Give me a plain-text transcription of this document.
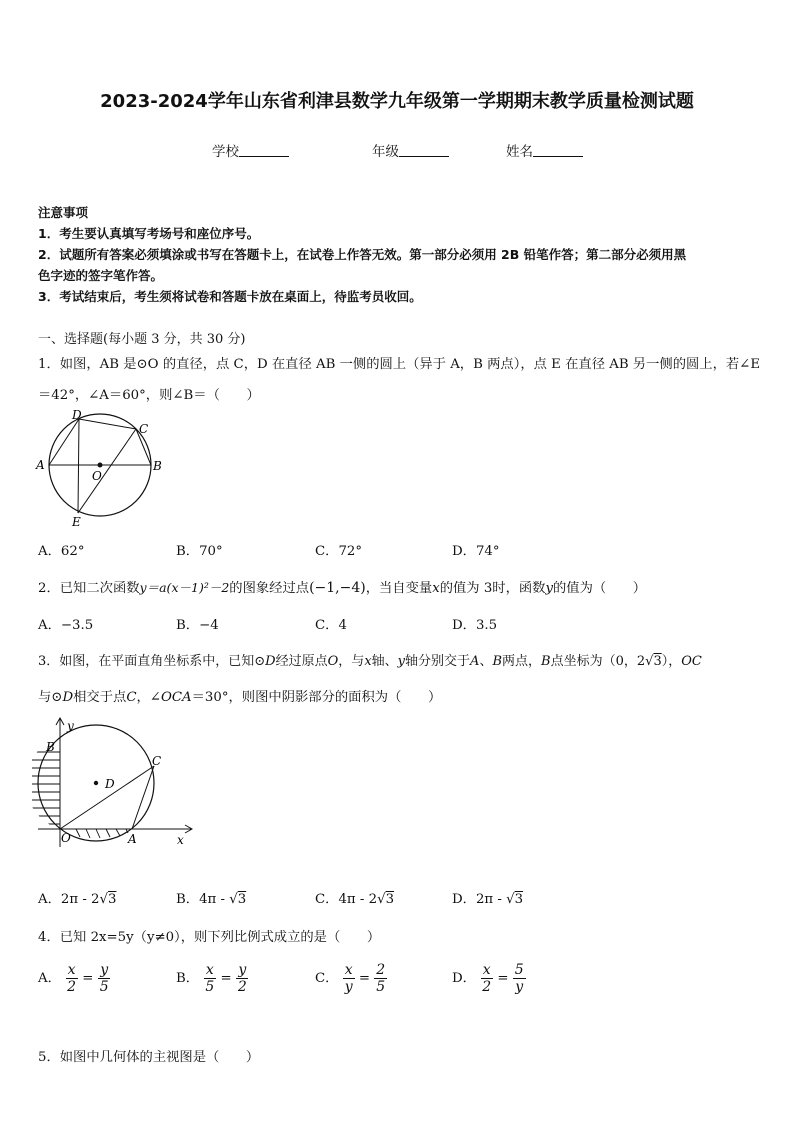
2023-2024学年山东省利津县数学九年级第一学期期末教学质量检测试题
学校	年级	姓名
注意事项
1．考生要认真填写考场号和座位序号。
2．试题所有答案必须填涂或书写在答题卡上，在试卷上作答无效。第一部分必须用 2B 铅笔作答；第二部分必须用黑
色字迹的签字笔作答。
3．考试结束后，考生须将试卷和答题卡放在桌面上，待监考员收回。
一、选择题(每小题 3 分，共 30 分)
1．如图，AB 是⊙O 的直径，点 C，D 在直径 AB 一侧的圆上（异于 A，B 两点），点 E 在直径 AB 另一侧的圆上，若∠E
＝42°，∠A＝60°，则∠B＝（　　）
D
C
A	B
O
E
A．62°	B．70°	C．72°	D．74°
2．已知二次函数y＝a(x－1)²－2的图象经过点(−1,−4)，当自变量x的值为 3时，函数y的值为（　　）
A．−3.5	B．−4	C．4	D．3.5
3．如图，在平面直角坐标系中，已知⊙D经过原点O，与x轴、y轴分别交于A、B两点，B点坐标为（0，2√3），OC
与⊙D相交于点C，∠OCA＝30°，则图中阴影部分的面积为（　　）
y
B
C
D
O	A	x
A．2π - 2√3	B．4π - √3	C．4π - 2√3	D．2π - √3
4．已知 2x=5y（y≠0），则下列比例式成立的是（　　）
A． $\frac{x}{2} = \frac{y}{5}$	B． $\frac{x}{5} = \frac{y}{2}$	C． $\frac{x}{y} = \frac{2}{5}$	D． $\frac{x}{2} = \frac{5}{y}$
5．如图中几何体的主视图是（　　）
